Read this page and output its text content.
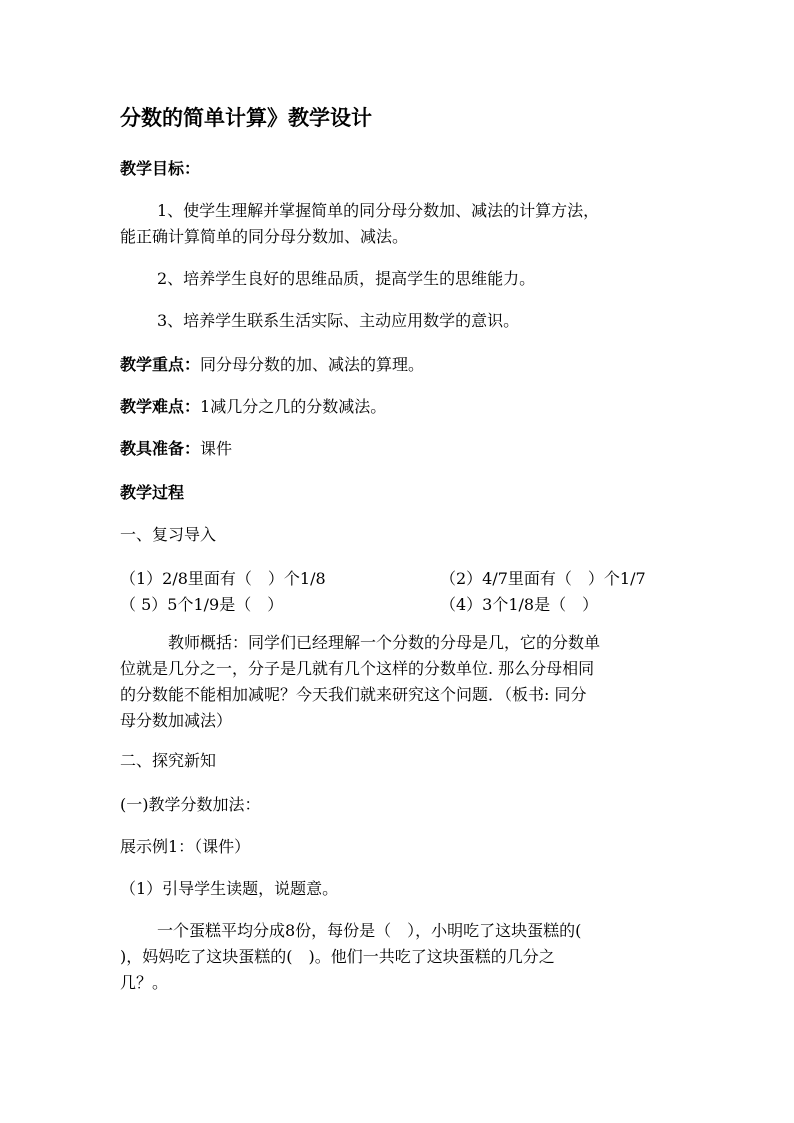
分数的简单计算》教学设计

教学目标：

1、使学生理解并掌握简单的同分母分数加、减法的计算方法，

能正确计算简单的同分母分数加、减法。

2、培养学生良好的思维品质，提高学生的思维能力。

3、培养学生联系生活实际、主动应用数学的意识。

教学重点：同分母分数的加、减法的算理。

教学难点：1减几分之几的分数减法。

教具准备：课件

教学过程

一、复习导入

（1）2/8里面有（　）个1/8	（2）4/7里面有（　）个1/7

（ 5）5个1/9是（　）	（4）3个1/8是（　）

教师概括：同学们已经理解一个分数的分母是几，它的分数单

位就是几分之一，分子是几就有几个这样的分数单位. 那么分母相同

的分数能不能相加减呢？今天我们就来研究这个问题．（板书: 同分

母分数加减法）

二、探究新知

(一)教学分数加法：

展示例1：（课件）

（1）引导学生读题，说题意。

一个蛋糕平均分成8份，每份是（　），小明吃了这块蛋糕的(

)，妈妈吃了这块蛋糕的(　)。他们一共吃了这块蛋糕的几分之

几？。
